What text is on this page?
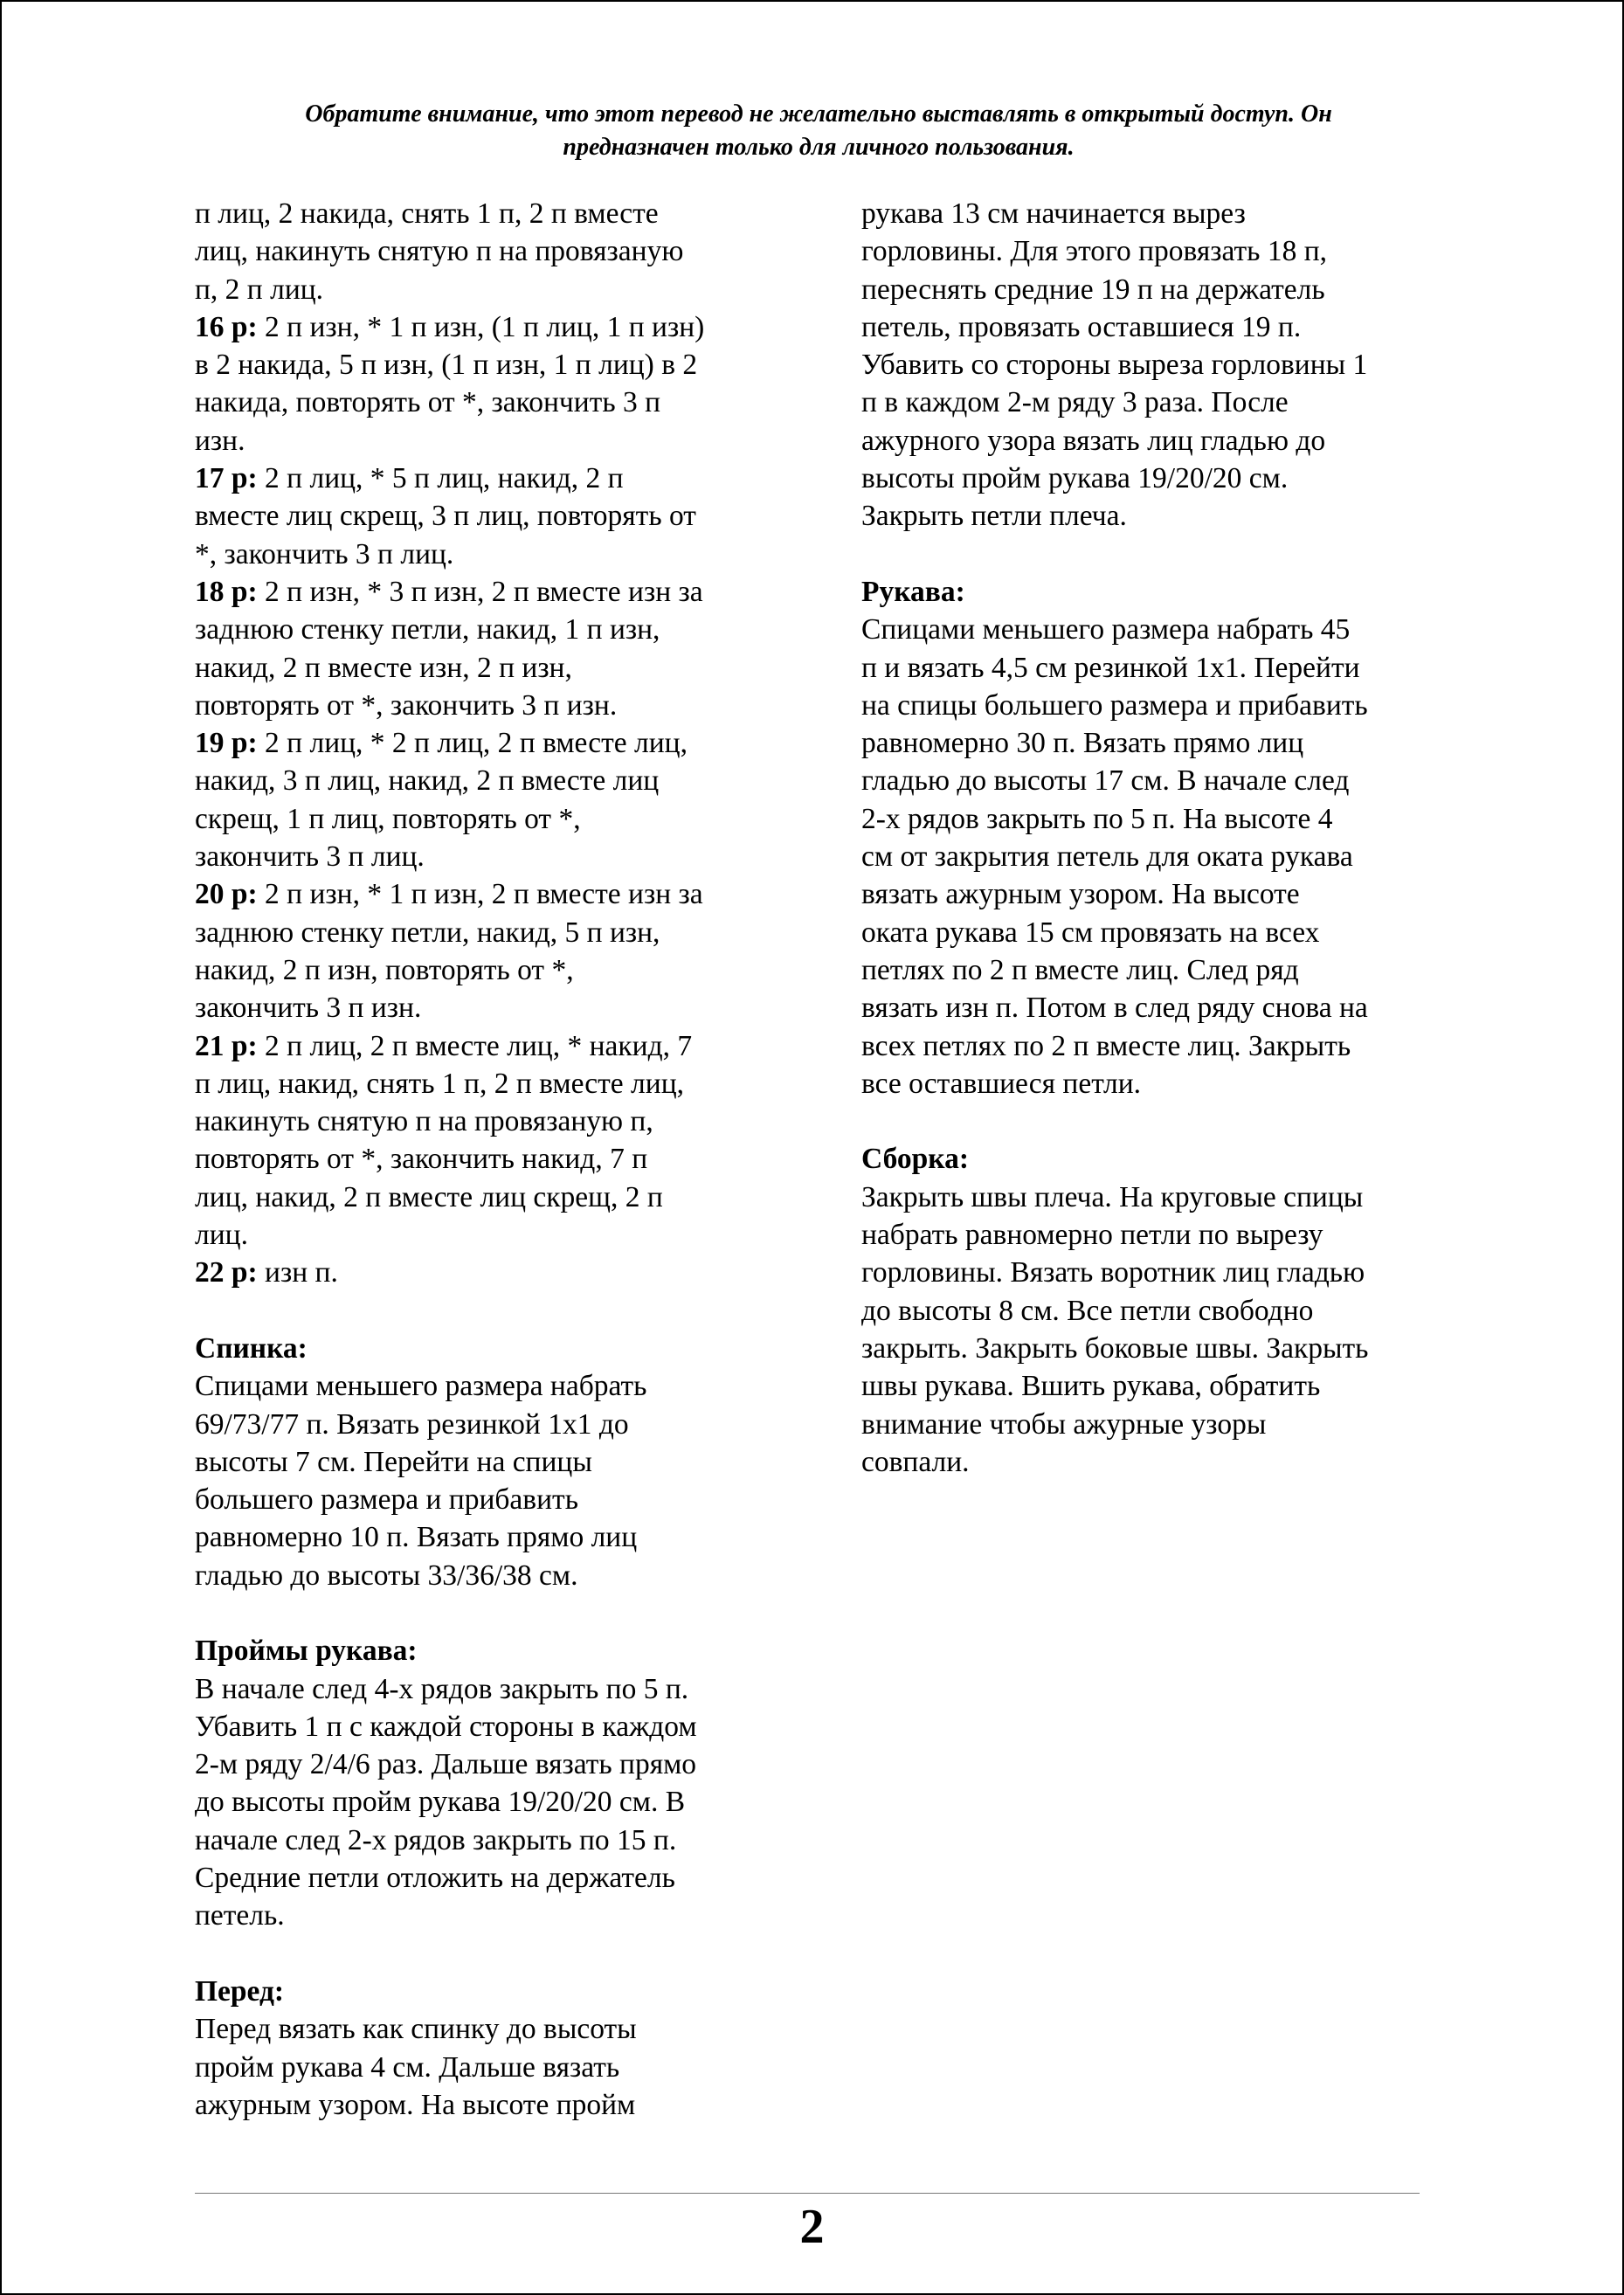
Обратите внимание, что этот перевод не желательно выставлять в открытый доступ. Он

предназначен только для личного пользования.

п лиц, 2 накида, снять 1 п, 2 п вместе
лиц, накинуть снятую п на провязаную
п, 2 п лиц.
16 р: 2 п изн, * 1 п изн, (1 п лиц, 1 п изн)
в 2 накида, 5 п изн, (1 п изн, 1 п лиц) в 2
накида, повторять от *, закончить 3 п
изн.
17 р: 2 п лиц, * 5 п лиц, накид, 2 п
вместе лиц скрещ, 3 п лиц, повторять от
*, закончить 3 п лиц.
18 р: 2 п изн, * 3 п изн, 2 п вместе изн за
заднюю стенку петли, накид, 1 п изн,
накид, 2 п вместе изн, 2 п изн,
повторять от *, закончить 3 п изн.
19 р: 2 п лиц, * 2 п лиц, 2 п вместе лиц,
накид, 3 п лиц, накид, 2 п вместе лиц
скрещ, 1 п лиц, повторять от *,
закончить 3 п лиц.
20 р: 2 п изн, * 1 п изн, 2 п вместе изн за
заднюю стенку петли, накид, 5 п изн,
накид, 2 п изн, повторять от *,
закончить 3 п изн.
21 р: 2 п лиц, 2 п вместе лиц, * накид, 7
п лиц, накид, снять 1 п, 2 п вместе лиц,
накинуть снятую п на провязаную п,
повторять от *, закончить накид, 7 п
лиц, накид, 2 п вместе лиц скрещ, 2 п
лиц.
22 р: изн п.
Спинка:
Спицами меньшего размера набрать
69/73/77 п. Вязать резинкой 1х1 до
высоты 7 см. Перейти на спицы
большего размера и прибавить
равномерно 10 п. Вязать прямо лиц
гладью до высоты 33/36/38 см.
Проймы рукава:
В начале след 4-х рядов закрыть по 5 п.
Убавить 1 п с каждой стороны в каждом
2-м ряду 2/4/6 раз. Дальше вязать прямо
до высоты пройм рукава 19/20/20 см. В
начале след 2-х рядов закрыть по 15 п.
Средние петли отложить на держатель
петель.
Перед:
Перед вязать как спинку до высоты
пройм рукава 4 см. Дальше вязать
ажурным узором. На высоте пройм
рукава 13 см начинается вырез
горловины. Для этого провязать 18 п,
переснять средние 19 п на держатель
петель, провязать оставшиеся 19 п.
Убавить со стороны выреза горловины 1
п в каждом 2-м ряду 3 раза. После
ажурного узора вязать лиц гладью до
высоты пройм рукава 19/20/20 см.
Закрыть петли плеча.
Рукава:
Спицами меньшего размера набрать 45
п и вязать 4,5 см резинкой 1х1. Перейти
на спицы большего размера и прибавить
равномерно 30 п. Вязать прямо лиц
гладью до высоты 17 см. В начале след
2-х рядов закрыть по 5 п. На высоте 4
см от закрытия петель для оката рукава
вязать ажурным узором. На высоте
оката рукава 15 см провязать на всех
петлях по 2 п вместе лиц. След ряд
вязать изн п. Потом в след ряду снова на
всех петлях по 2 п вместе лиц. Закрыть
все оставшиеся петли.
Сборка:
Закрыть швы плеча. На круговые спицы
набрать равномерно петли по вырезу
горловины. Вязать воротник лиц гладью
до высоты 8 см. Все петли свободно
закрыть. Закрыть боковые швы. Закрыть
швы рукава. Вшить рукава, обратить
внимание чтобы ажурные узоры
совпали.
2
